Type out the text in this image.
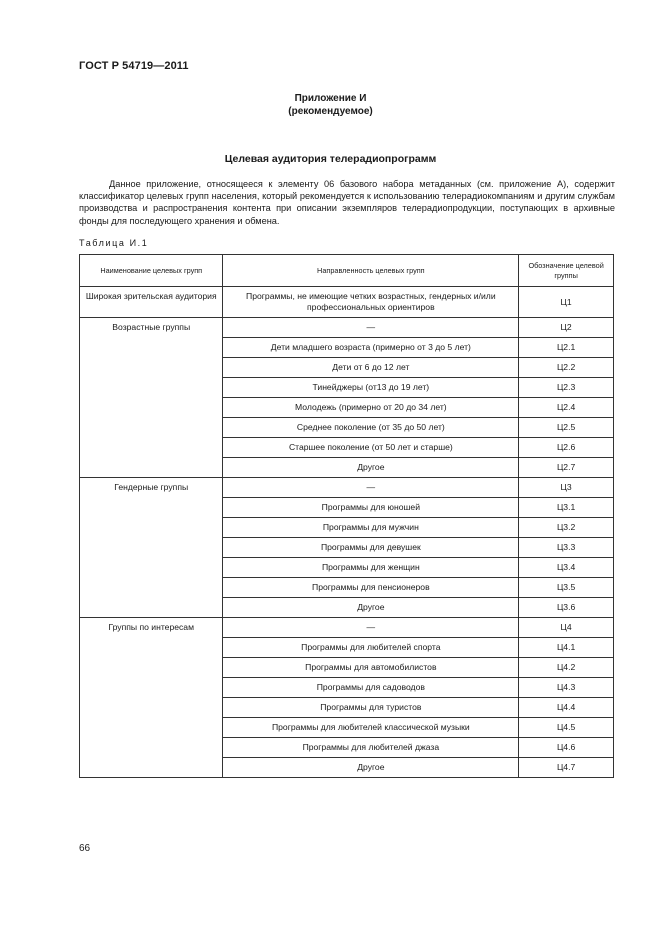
ГОСТ Р 54719—2011
Приложение И
(рекомендуемое)
Целевая аудитория телерадиопрограмм

Данное приложение, относящееся к элементу 06 базового набора метаданных (см. приложение А), содержит классификатор целевых групп населения, который рекомендуется к использованию телерадиокомпаниям и другим службам производства и распространения контента при описании экземпляров телерадиопродукции, поступающих в архивные фонды для последующего хранения и обмена.

Таблица И.1
Наименование целевых групп	Направленность целевых групп	Обозначение целевой группы
Широкая зрительская аудитория	Программы, не имеющие четких возрастных, гендерных и/или профессиональных ориентиров	Ц1
Возрастные группы	—	Ц2
	Дети младшего возраста (примерно от 3 до 5 лет)	Ц2.1
	Дети от 6 до 12 лет	Ц2.2
	Тинейджеры (от13 до 19 лет)	Ц2.3
	Молодежь (примерно от 20 до 34 лет)	Ц2.4
	Среднее поколение (от 35 до 50 лет)	Ц2.5
	Старшее поколение (от 50 лет и старше)	Ц2.6
	Другое	Ц2.7
Гендерные группы	—	Ц3
	Программы для юношей	Ц3.1
	Программы для мужчин	Ц3.2
	Программы для девушек	Ц3.3
	Программы для женщин	Ц3.4
	Программы для пенсионеров	Ц3.5
	Другое	Ц3.6
Группы по интересам	—	Ц4
	Программы для любителей спорта	Ц4.1
	Программы для автомобилистов	Ц4.2
	Программы для садоводов	Ц4.3
	Программы для туристов	Ц4.4
	Программы для любителей классической музыки	Ц4.5
	Программы для любителей джаза	Ц4.6
	Другое	Ц4.7
66
